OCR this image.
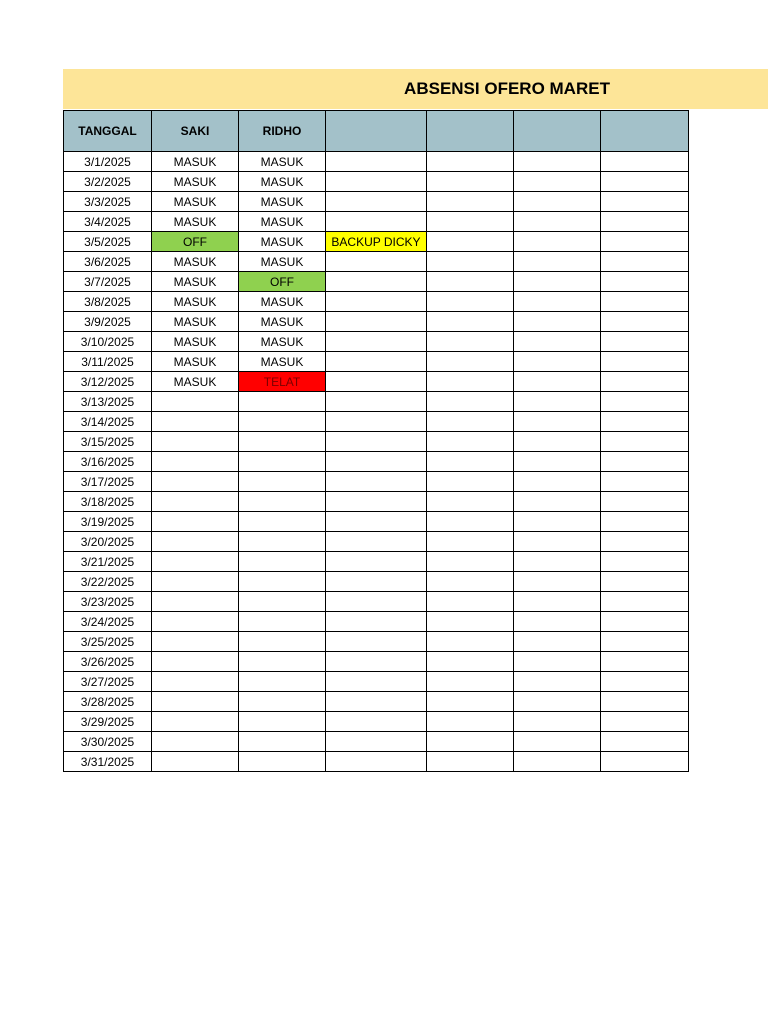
ABSENSI OFERO MARET
TANGGAL	SAKI	RIDHO				
3/1/2025	MASUK	MASUK				
3/2/2025	MASUK	MASUK				
3/3/2025	MASUK	MASUK				
3/4/2025	MASUK	MASUK				
3/5/2025	OFF	MASUK	BACKUP DICKY			
3/6/2025	MASUK	MASUK				
3/7/2025	MASUK	OFF				
3/8/2025	MASUK	MASUK				
3/9/2025	MASUK	MASUK				
3/10/2025	MASUK	MASUK				
3/11/2025	MASUK	MASUK				
3/12/2025	MASUK	TELAT				
3/13/2025						
3/14/2025						
3/15/2025						
3/16/2025						
3/17/2025						
3/18/2025						
3/19/2025						
3/20/2025						
3/21/2025						
3/22/2025						
3/23/2025						
3/24/2025						
3/25/2025						
3/26/2025						
3/27/2025						
3/28/2025						
3/29/2025						
3/30/2025						
3/31/2025						
